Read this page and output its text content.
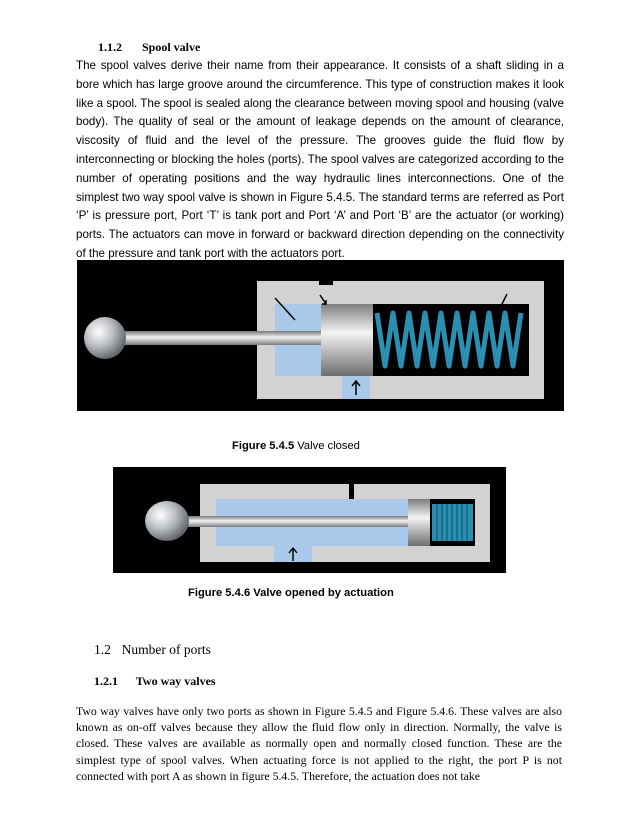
1.1.2 Spool valve

The spool valves derive their name from their appearance. It consists of a shaft sliding in a bore which has large groove around the circumference. This type of construction makes it look like a spool. The spool is sealed along the clearance between moving spool and housing (valve body). The quality of seal or the amount of leakage depends on the amount of clearance, viscosity of fluid and the level of the pressure. The grooves guide the fluid flow by interconnecting or blocking the holes (ports). The spool valves are categorized according to the number of operating positions and the way hydraulic lines interconnections. One of the simplest two way spool valve is shown in Figure 5.4.5. The standard terms are referred as Port ‘P’ is pressure port, Port ‘T’ is tank port and Port ‘A’ and Port ‘B’ are the actuator (or working) ports. The actuators can move in forward or backward direction depending on the connectivity of the pressure and tank port with the actuators port.

Figure 5.4.5 Valve closed
Figure 5.4.6 Valve opened by actuation
1.2 Number of ports
1.2.1 Two way valves

Two way valves have only two ports as shown in Figure 5.4.5 and Figure 5.4.6. These valves are also known as on-off valves because they allow the fluid flow only in direction. Normally, the valve is closed. These valves are available as normally open and normally closed function. These are the simplest type of spool valves. When actuating force is not applied to the right, the port P is not connected with port A as shown in figure 5.4.5. Therefore, the actuation does not take
